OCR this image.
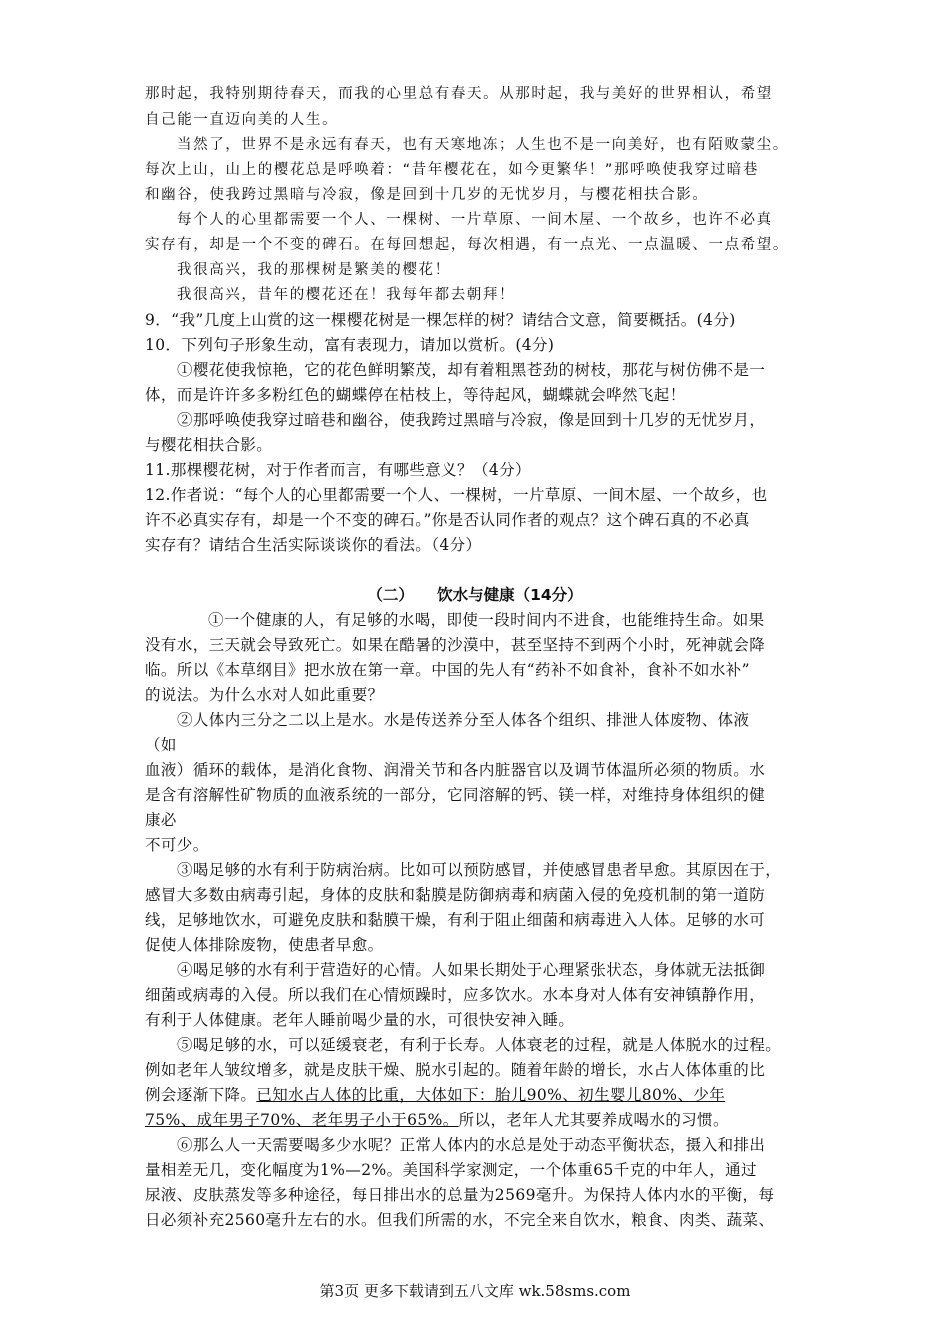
那时起，我特别期待春天，而我的心里总有春天。从那时起，我与美好的世界相认，希望
自己能一直迈向美的人生。
当然了，世界不是永远有春天，也有天寒地冻；人生也不是一向美好，也有陌败蒙尘。
每次上山，山上的樱花总是呼唤着：“昔年樱花在，如今更繁华！”那呼唤使我穿过暗巷
和幽谷，使我跨过黑暗与冷寂，像是回到十几岁的无忧岁月，与樱花相扶合影。
每个人的心里都需要一个人、一棵树、一片草原、一间木屋、一个故乡，也许不必真
实存有，却是一个不变的碑石。在每回想起，每次相遇，有一点光、一点温暖、一点希望。
我很高兴，我的那棵树是繁美的樱花！
我很高兴，昔年的樱花还在！我每年都去朝拜！
9．“我”几度上山赏的这一棵樱花树是一棵怎样的树？请结合文意，简要概括。(4分)
10．下列句子形象生动，富有表现力，请加以赏析。(4分)
①樱花使我惊艳，它的花色鲜明繁茂，却有着粗黑苍劲的树枝，那花与树仿佛不是一
体，而是许许多多粉红色的蝴蝶停在枯枝上，等待起风，蝴蝶就会哗然飞起！
②那呼唤使我穿过暗巷和幽谷，使我跨过黑暗与冷寂，像是回到十几岁的无忧岁月，
与樱花相扶合影。
11.那棵樱花树，对于作者而言，有哪些意义？（4分）
12.作者说：“每个人的心里都需要一个人、一棵树，一片草原、一间木屋、一个故乡，也
许不必真实存有，却是一个不变的碑石。”你是否认同作者的观点？这个碑石真的不必真
实存有？请结合生活实际谈谈你的看法。（4分）
（二）　　饮水与健康（14分）
①一个健康的人，有足够的水喝，即使一段时间内不进食，也能维持生命。如果
没有水，三天就会导致死亡。如果在酷暑的沙漠中，甚至坚持不到两个小时，死神就会降
临。所以《本草纲目》把水放在第一章。中国的先人有“药补不如食补，食补不如水补”
的说法。为什么水对人如此重要？
②人体内三分之二以上是水。水是传送养分至人体各个组织、排泄人体废物、体液
（如
血液）循环的载体，是消化食物、润滑关节和各内脏器官以及调节体温所必须的物质。水
是含有溶解性矿物质的血液系统的一部分，它同溶解的钙、镁一样，对维持身体组织的健
康必
不可少。
③喝足够的水有利于防病治病。比如可以预防感冒，并使感冒患者早愈。其原因在于，
感冒大多数由病毒引起，身体的皮肤和黏膜是防御病毒和病菌入侵的免疫机制的第一道防
线，足够地饮水，可避免皮肤和黏膜干燥，有利于阻止细菌和病毒进入人体。足够的水可
促使人体排除废物，使患者早愈。
④喝足够的水有利于营造好的心情。人如果长期处于心理紧张状态，身体就无法抵御
细菌或病毒的入侵。所以我们在心情烦躁时，应多饮水。水本身对人体有安神镇静作用，
有利于人体健康。老年人睡前喝少量的水，可很快安神入睡。
⑤喝足够的水，可以延缓衰老，有利于长寿。人体衰老的过程，就是人体脱水的过程。
例如老年人皱纹增多，就是皮肤干燥、脱水引起的。随着年龄的增长，水占人体体重的比
例会逐渐下降。已知水占人体的比重，大体如下：胎儿90%、初生婴儿80%、少年
75%、成年男子70%、老年男子小于65%。所以，老年人尤其要养成喝水的习惯。
⑥那么人一天需要喝多少水呢？正常人体内的水总是处于动态平衡状态，摄入和排出
量相差无几，变化幅度为1%—2%。美国科学家测定，一个体重65千克的中年人，通过
尿液、皮肤蒸发等多种途径，每日排出水的总量为2569毫升。为保持人体内水的平衡，每
日必须补充2560毫升左右的水。但我们所需的水，不完全来自饮水，粮食、肉类、蔬菜、
第3页 更多下载请到五八文库 wk.58sms.com
